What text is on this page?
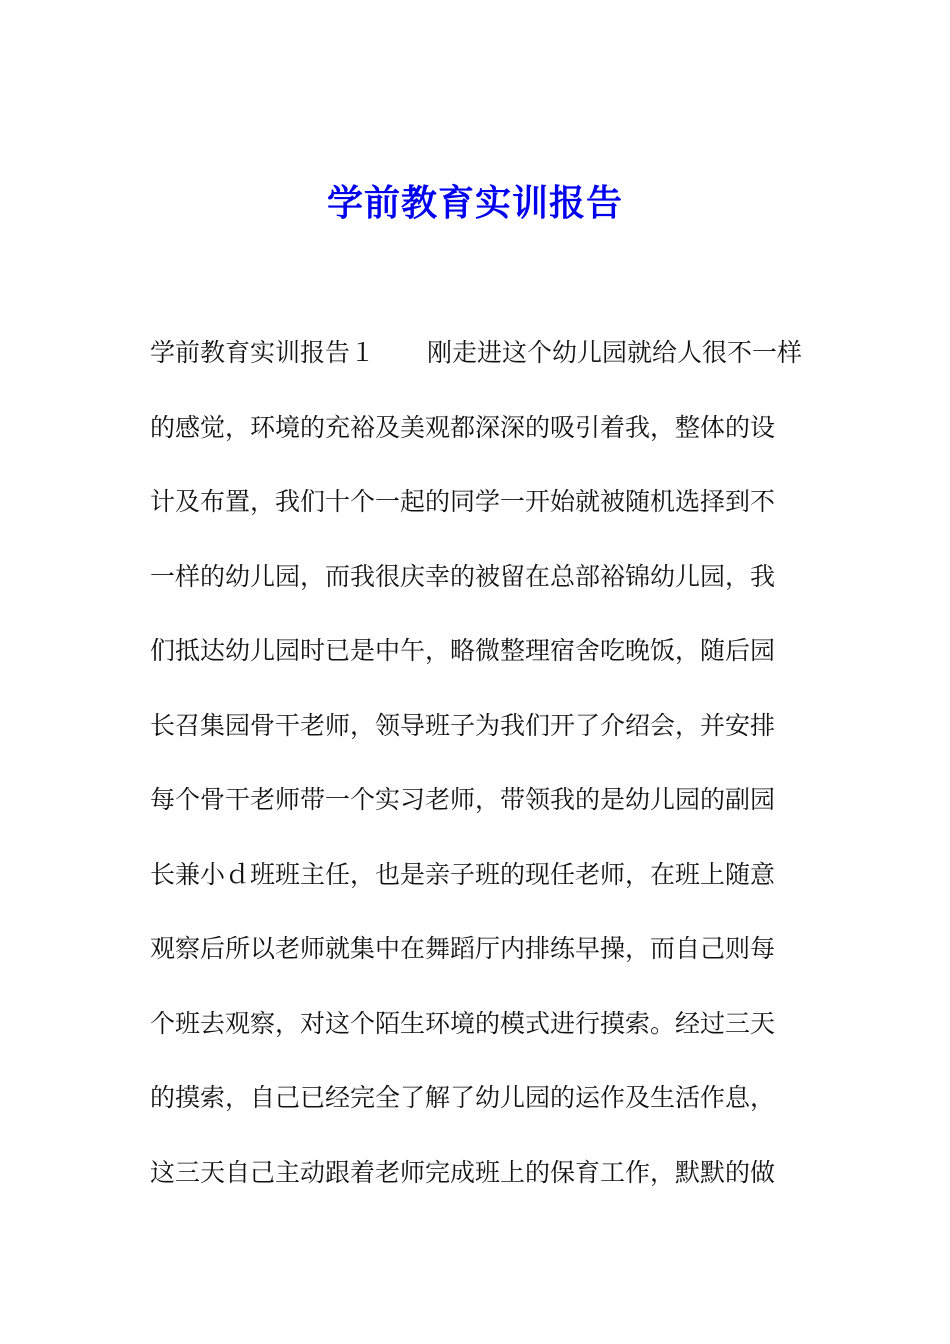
学前教育实训报告
学前教育实训报告１ 刚走进这个幼儿园就给人很不一样
的感觉，环境的充裕及美观都深深的吸引着我，整体的设
计及布置，我们十个一起的同学一开始就被随机选择到不
一样的幼儿园，而我很庆幸的被留在总部裕锦幼儿园，我
们抵达幼儿园时已是中午，略微整理宿舍吃晚饭，随后园
长召集园骨干老师，领导班子为我们开了介绍会，并安排
每个骨干老师带一个实习老师，带领我的是幼儿园的副园
长兼小ｄ班班主任，也是亲子班的现任老师，在班上随意
观察后所以老师就集中在舞蹈厅内排练早操，而自己则每
个班去观察，对这个陌生环境的模式进行摸索。经过三天
的摸索，自己已经完全了解了幼儿园的运作及生活作息，
这三天自己主动跟着老师完成班上的保育工作，默默的做
